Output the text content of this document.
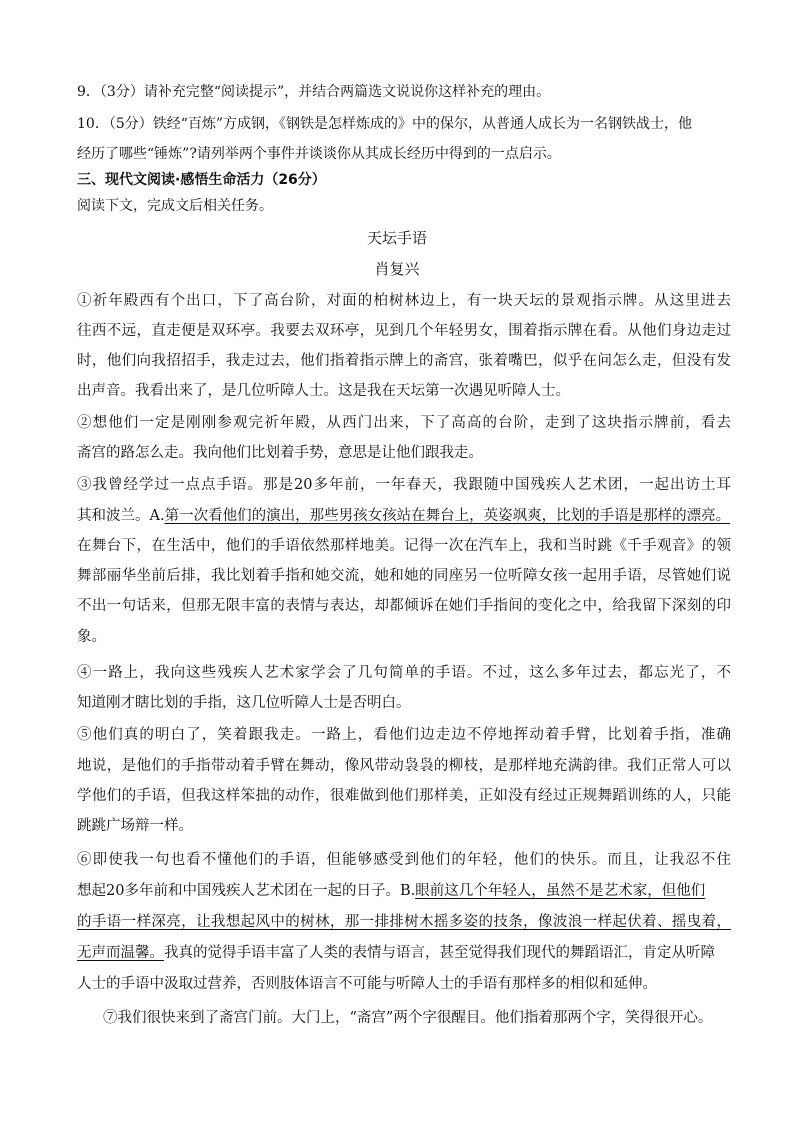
9．（3分）请补充完整“阅读提示”，并结合两篇选文说说你这样补充的理由。
10．（5分）铁经“百炼”方成钢，《钢铁是怎样炼成的》中的保尔，从普通人成长为一名钢铁战士，他
经历了哪些“锤炼”?请列举两个事件并谈谈你从其成长经历中得到的一点启示。
三、现代文阅读·感悟生命活力（26分）
阅读下文，完成文后相关任务。
天坛手语
肖复兴
①祈年殿西有个出口，下了高台阶，对面的柏树林边上，有一块天坛的景观指示牌。从这里进去
往西不远，直走便是双环亭。我要去双环亭，见到几个年轻男女，围着指示牌在看。从他们身边走过
时，他们向我招招手，我走过去，他们指着指示牌上的斋宫，张着嘴巴，似乎在问怎么走，但没有发
出声音。我看出来了，是几位听障人士。这是我在天坛第一次遇见听障人士。
②想他们一定是刚刚参观完祈年殿，从西门出来，下了高高的台阶，走到了这块指示牌前，看去
斋宫的路怎么走。我向他们比划着手势，意思是让他们跟我走。
③我曾经学过一点点手语。那是20多年前，一年春天，我跟随中国残疾人艺术团，一起出访土耳
其和波兰。A.第一次看他们的演出，那些男孩女孩站在舞台上，英姿飒爽，比划的手语是那样的漂亮。
在舞台下，在生活中，他们的手语依然那样地美。记得一次在汽车上，我和当时跳《千手观音》的领
舞部丽华坐前后排，我比划着手指和她交流，她和她的同座另一位听障女孩一起用手语，尽管她们说
不出一句话来，但那无限丰富的表情与表达，却都倾诉在她们手指间的变化之中，给我留下深刻的印
象。
④一路上，我向这些残疾人艺术家学会了几句简单的手语。不过，这么多年过去，都忘光了，不
知道刚才瞎比划的手指，这几位听障人士是否明白。
⑤他们真的明白了，笑着跟我走。一路上，看他们边走边不停地挥动着手臂，比划着手指，准确
地说，是他们的手指带动着手臂在舞动，像风带动袅袅的柳枝，是那样地充满韵律。我们正常人可以
学他们的手语，但我这样笨拙的动作，很难做到他们那样美，正如没有经过正规舞蹈训练的人，只能
跳跳广场辩一样。
⑥即使我一句也看不懂他们的手语，但能够感受到他们的年轻，他们的快乐。而且，让我忍不住
想起20多年前和中国残疾人艺术团在一起的日子。B.眼前这几个年轻人，虽然不是艺术家，但他们
的手语一样深亮，让我想起风中的树林，那一排排树木摇多姿的技条，像波浪一样起伏着、摇曳着，
无声而温馨。我真的觉得手语丰富了人类的表情与语言，甚至觉得我们现代的舞蹈语汇，肯定从听障
人士的手语中汲取过营养，否则肢体语言不可能与听障人士的手语有那样多的相似和延伸。
⑦我们很快来到了斋宫门前。大门上，“斋宫”两个字很醒目。他们指着那两个字，笑得很开心。
